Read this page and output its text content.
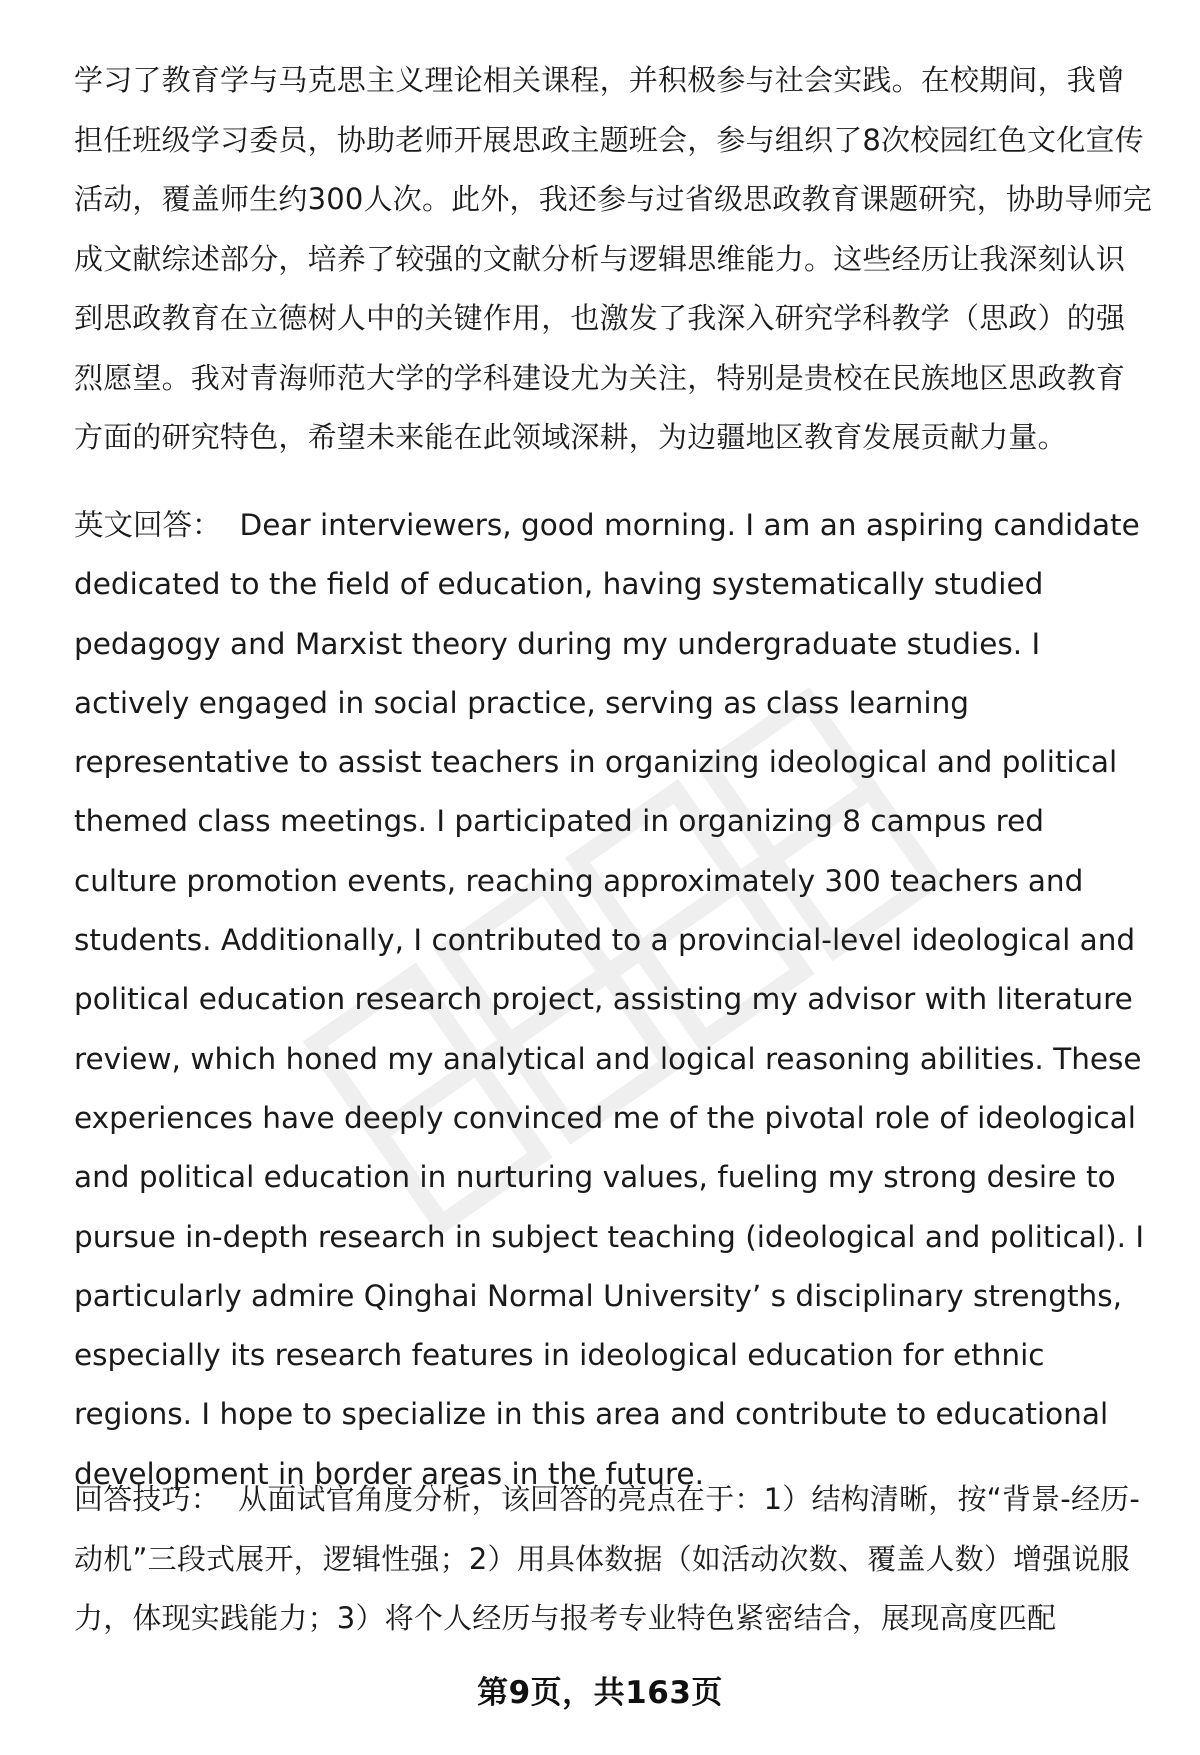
学习了教育学与马克思主义理论相关课程，并积极参与社会实践。在校期间，我曾担任班级学习委员，协助老师开展思政主题班会，参与组织了8次校园红色文化宣传活动，覆盖师生约300人次。此外，我还参与过省级思政教育课题研究，协助导师完成文献综述部分，培养了较强的文献分析与逻辑思维能力。这些经历让我深刻认识到思政教育在立德树人中的关键作用，也激发了我深入研究学科教学（思政）的强烈愿望。我对青海师范大学的学科建设尤为关注，特别是贵校在民族地区思政教育方面的研究特色，希望未来能在此领域深耕，为边疆地区教育发展贡献力量。
英文回答： Dear interviewers, good morning. I am an aspiring candidate dedicated to the field of education, having systematically studied pedagogy and Marxist theory during my undergraduate studies. I actively engaged in social practice, serving as class learning representative to assist teachers in organizing ideological and political themed class meetings. I participated in organizing 8 campus red culture promotion events, reaching approximately 300 teachers and students. Additionally, I contributed to a provincial-level ideological and political education research project, assisting my advisor with literature review, which honed my analytical and logical reasoning abilities. These experiences have deeply convinced me of the pivotal role of ideological and political education in nurturing values, fueling my strong desire to pursue in-depth research in subject teaching (ideological and political). I particularly admire Qinghai Normal University’ s disciplinary strengths, especially its research features in ideological education for ethnic regions. I hope to specialize in this area and contribute to educational development in border areas in the future.
回答技巧： 从面试官角度分析，该回答的亮点在于：1）结构清晰，按“背景-经历-动机”三段式展开，逻辑性强；2）用具体数据（如活动次数、覆盖人数）增强说服力，体现实践能力；3）将个人经历与报考专业特色紧密结合，展现高度匹配
第9页，共163页
